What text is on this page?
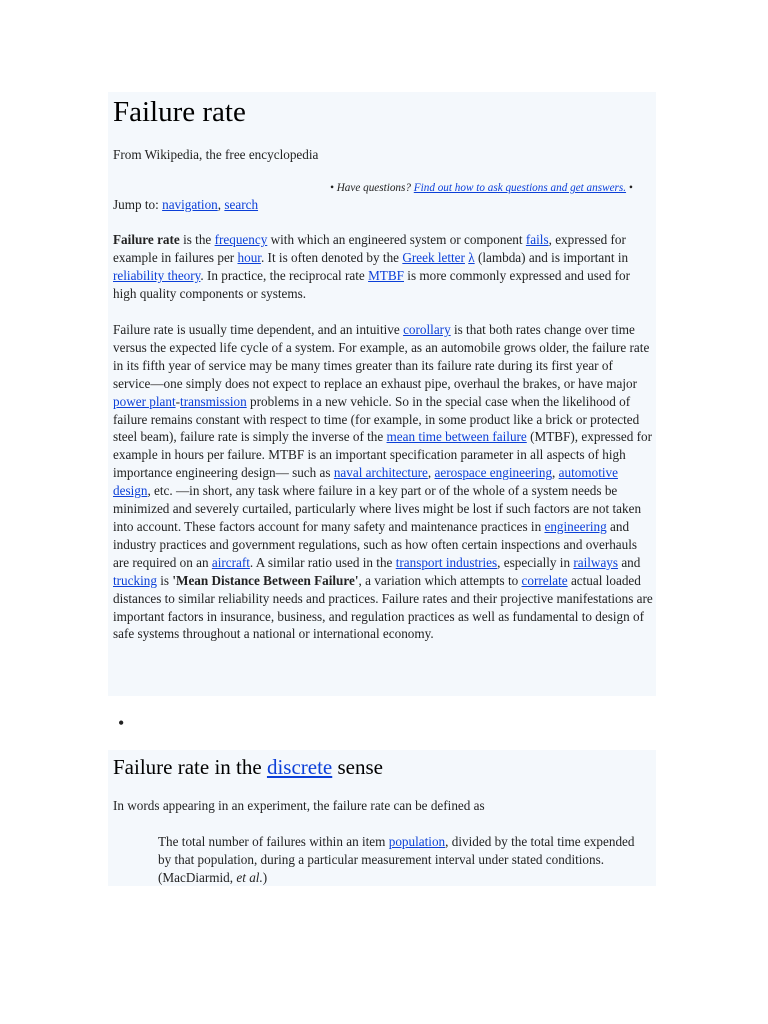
Failure rate
From Wikipedia, the free encyclopedia
• Have questions? Find out how to ask questions and get answers. •
Jump to: navigation, search

Failure rate is the frequency with which an engineered system or component fails, expressed for example in failures per hour. It is often denoted by the Greek letter λ (lambda) and is important in reliability theory. In practice, the reciprocal rate MTBF is more commonly expressed and used for high quality components or systems.

Failure rate is usually time dependent, and an intuitive corollary is that both rates change over time versus the expected life cycle of a system. For example, as an automobile grows older, the failure rate in its fifth year of service may be many times greater than its failure rate during its first year of service—one simply does not expect to replace an exhaust pipe, overhaul the brakes, or have major power plant-transmission problems in a new vehicle. So in the special case when the likelihood of failure remains constant with respect to time (for example, in some product like a brick or protected steel beam), failure rate is simply the inverse of the mean time between failure (MTBF), expressed for example in hours per failure. MTBF is an important specification parameter in all aspects of high importance engineering design— such as naval architecture, aerospace engineering, automotive design, etc. —in short, any task where failure in a key part or of the whole of a system needs be minimized and severely curtailed, particularly where lives might be lost if such factors are not taken into account. These factors account for many safety and maintenance practices in engineering and industry practices and government regulations, such as how often certain inspections and overhauls are required on an aircraft. A similar ratio used in the transport industries, especially in railways and trucking is 'Mean Distance Between Failure', a variation which attempts to correlate actual loaded distances to similar reliability needs and practices. Failure rates and their projective manifestations are important factors in insurance, business, and regulation practices as well as fundamental to design of safe systems throughout a national or international economy.

•
Failure rate in the discrete sense
In words appearing in an experiment, the failure rate can be defined as

The total number of failures within an item population, divided by the total time expended by that population, during a particular measurement interval under stated conditions. (MacDiarmid, et al.)
